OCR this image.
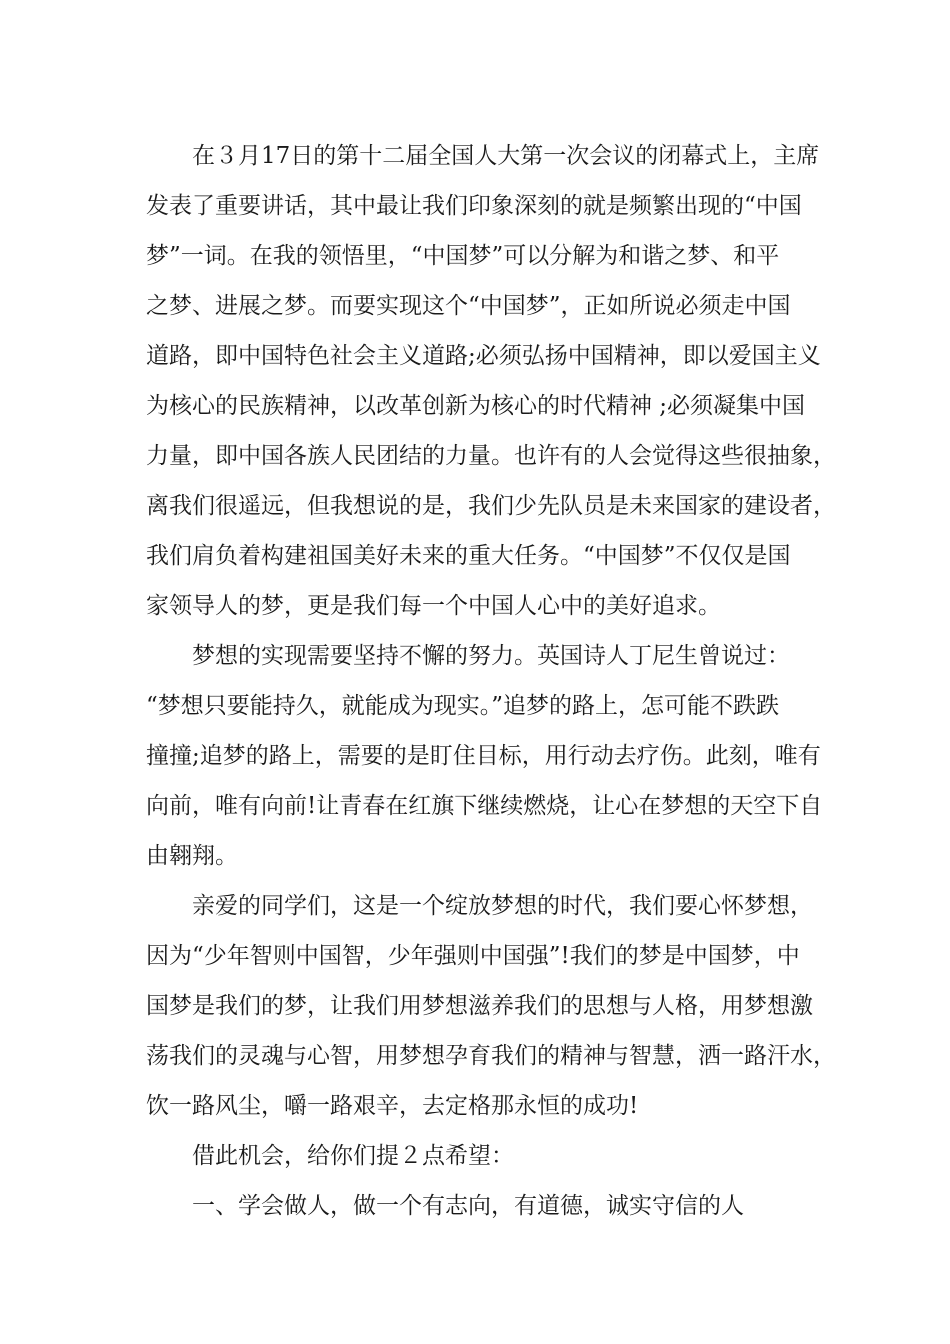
在３月17日的第十二届全国人大第一次会议的闭幕式上，主席
发表了重要讲话，其中最让我们印象深刻的就是频繁出现的“中国
梦”一词。在我的领悟里，“中国梦”可以分解为和谐之梦、和平
之梦、进展之梦。而要实现这个“中国梦”，正如所说必须走中国
道路，即中国特色社会主义道路;必须弘扬中国精神，即以爱国主义
为核心的民族精神，以改革创新为核心的时代精神 ;必须凝集中国
力量，即中国各族人民团结的力量。也许有的人会觉得这些很抽象，
离我们很遥远，但我想说的是，我们少先队员是未来国家的建设者，
我们肩负着构建祖国美好未来的重大任务。“中国梦”不仅仅是国
家领导人的梦，更是我们每一个中国人心中的美好追求。
梦想的实现需要坚持不懈的努力。英国诗人丁尼生曾说过：
“梦想只要能持久，就能成为现实。”追梦的路上，怎可能不跌跌
撞撞;追梦的路上，需要的是盯住目标，用行动去疗伤。此刻，唯有
向前，唯有向前!让青春在红旗下继续燃烧，让心在梦想的天空下自
由翱翔。
亲爱的同学们，这是一个绽放梦想的时代，我们要心怀梦想，
因为“少年智则中国智，少年强则中国强”!我们的梦是中国梦，中
国梦是我们的梦，让我们用梦想滋养我们的思想与人格，用梦想激
荡我们的灵魂与心智，用梦想孕育我们的精神与智慧，洒一路汗水，
饮一路风尘，嚼一路艰辛，去定格那永恒的成功!
借此机会，给你们提２点希望：
一、学会做人，做一个有志向，有道德，诚实守信的人
